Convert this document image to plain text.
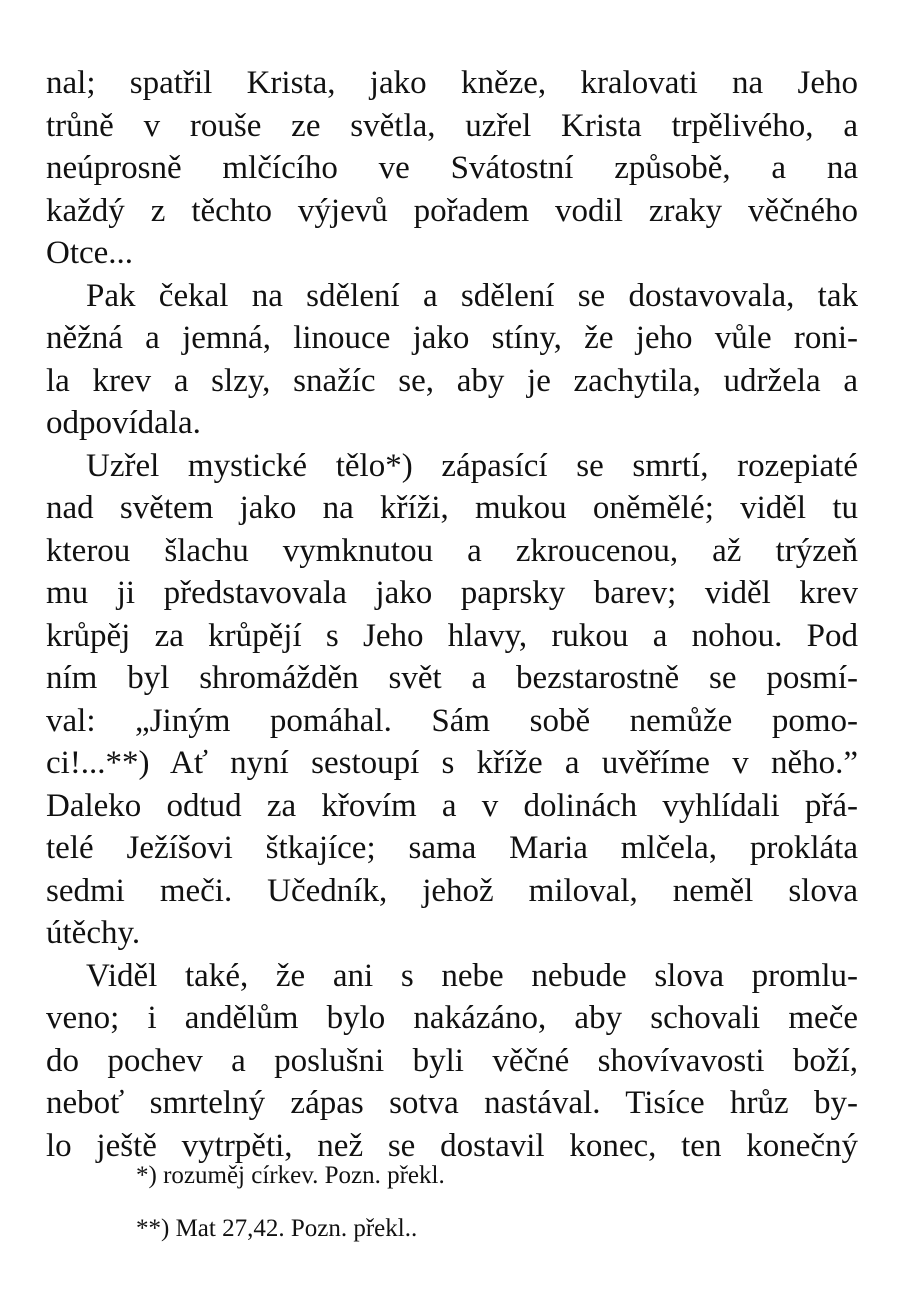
nal; spatřil Krista, jako kněze, kralovati na Jeho
trůně v rouše ze světla, uzřel Krista trpělivého, a
neúprosně mlčícího ve Svátostní způsobě, a na
každý z těchto výjevů pořadem vodil zraky věčného
Otce...
Pak čekal na sdělení a sdělení se dostavovala, tak
něžná a jemná, linouce jako stíny, že jeho vůle roni-
la krev a slzy, snažíc se, aby je zachytila, udržela a
odpovídala.
Uzřel mystické tělo*) zápasící se smrtí, rozepiaté
nad světem jako na kříži, mukou oněmělé; viděl tu
kterou šlachu vymknutou a zkroucenou, až trýzeň
mu ji představovala jako paprsky barev; viděl krev
krůpěj za krůpějí s Jeho hlavy, rukou a nohou. Pod
ním byl shromážděn svět a bezstarostně se posmí-
val: „Jiným pomáhal. Sám sobě nemůže pomo-
ci!...**) Ať nyní sestoupí s kříže a uvěříme v něho.”
Daleko odtud za křovím a v dolinách vyhlídali přá-
telé Ježíšovi štkajíce; sama Maria mlčela, prokláta
sedmi meči. Učedník, jehož miloval, neměl slova
útěchy.
Viděl také, že ani s nebe nebude slova promlu-
veno; i andělům bylo nakázáno, aby schovali meče
do pochev a poslušni byli věčné shovívavosti boží,
neboť smrtelný zápas sotva nastával. Tisíce hrůz by-
lo ještě vytrpěti, než se dostavil konec, ten konečný
*) rozuměj církev. Pozn. překl.
**) Mat 27,42. Pozn. překl..
